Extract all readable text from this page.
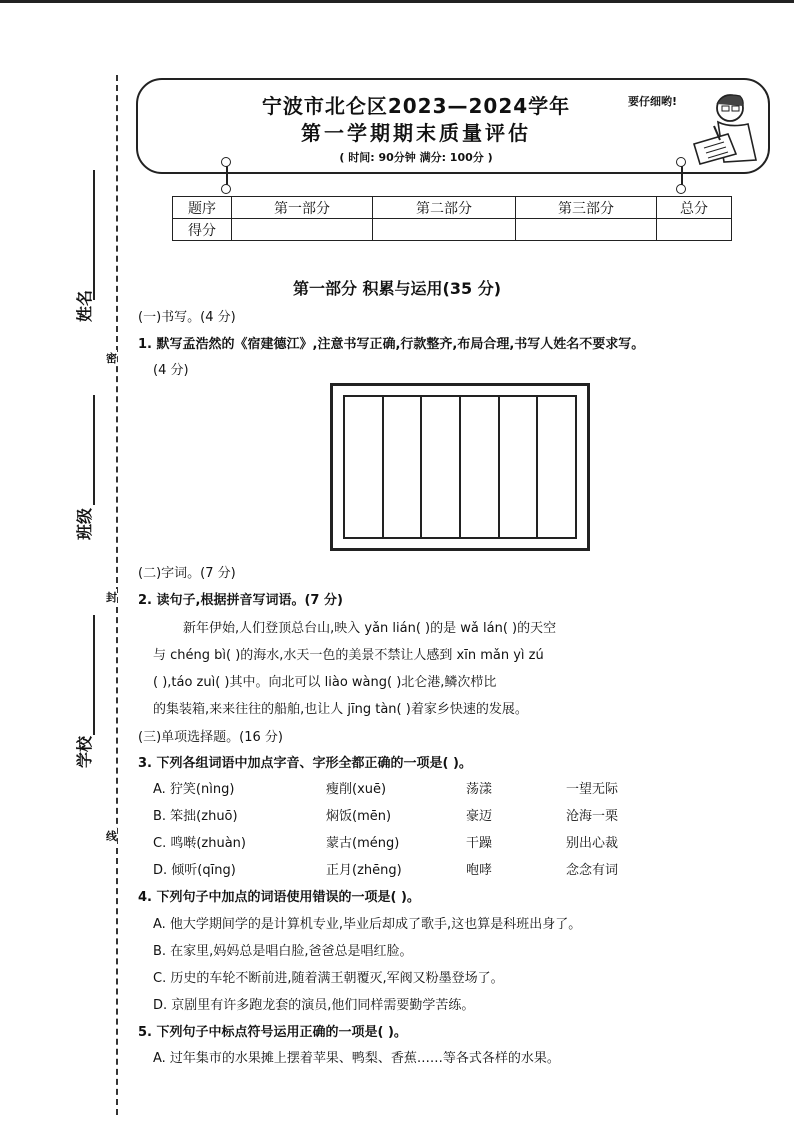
姓名
班级
学校
密
封
线
宁波市北仑区2023—2024学年
第一学期期末质量评估
( 时间: 90分钟 满分: 100分 )
要仔细哟!
题序	第一部分	第二部分	第三部分	总分
得分				
第一部分 积累与运用(35 分)
(一)书写。(4 分)
1. 默写孟浩然的《宿建德江》,注意书写正确,行款整齐,布局合理,书写人姓名不要求写。
(4 分)
(二)字词。(7 分)
2. 读句子,根据拼音写词语。(7 分)
新年伊始,人们登顶总台山,映入 yǎn lián( )的是 wǎ lán( )的天空
与 chéng bì( )的海水,水天一色的美景不禁让人感到 xīn mǎn yì zú
( ),táo zuì( )其中。向北可以 liào wàng( )北仑港,鳞次栉比
的集装箱,来来往往的船舶,也让人 jīng tàn( )着家乡快速的发展。
(三)单项选择题。(16 分)
3. 下列各组词语中加点字音、字形全都正确的一项是( )。
A. 狞笑(nìng)	瘦削(xuē)	荡漾	一望无际
B. 笨拙(zhuō)	焖饭(mēn)	豪迈	沧海一栗
C. 鸣啭(zhuàn)	蒙古(méng)	干躁	别出心裁
D. 倾听(qīng)	正月(zhēng)	咆哮	念念有词
4. 下列句子中加点的词语使用错误的一项是( )。
A. 他大学期间学的是计算机专业,毕业后却成了歌手,这也算是科班出身了。
B. 在家里,妈妈总是唱白脸,爸爸总是唱红脸。
C. 历史的车轮不断前进,随着满王朝覆灭,军阀又粉墨登场了。
D. 京剧里有许多跑龙套的演员,他们同样需要勤学苦练。
5. 下列句子中标点符号运用正确的一项是( )。
A. 过年集市的水果摊上摆着苹果、鸭梨、香蕉……等各式各样的水果。
